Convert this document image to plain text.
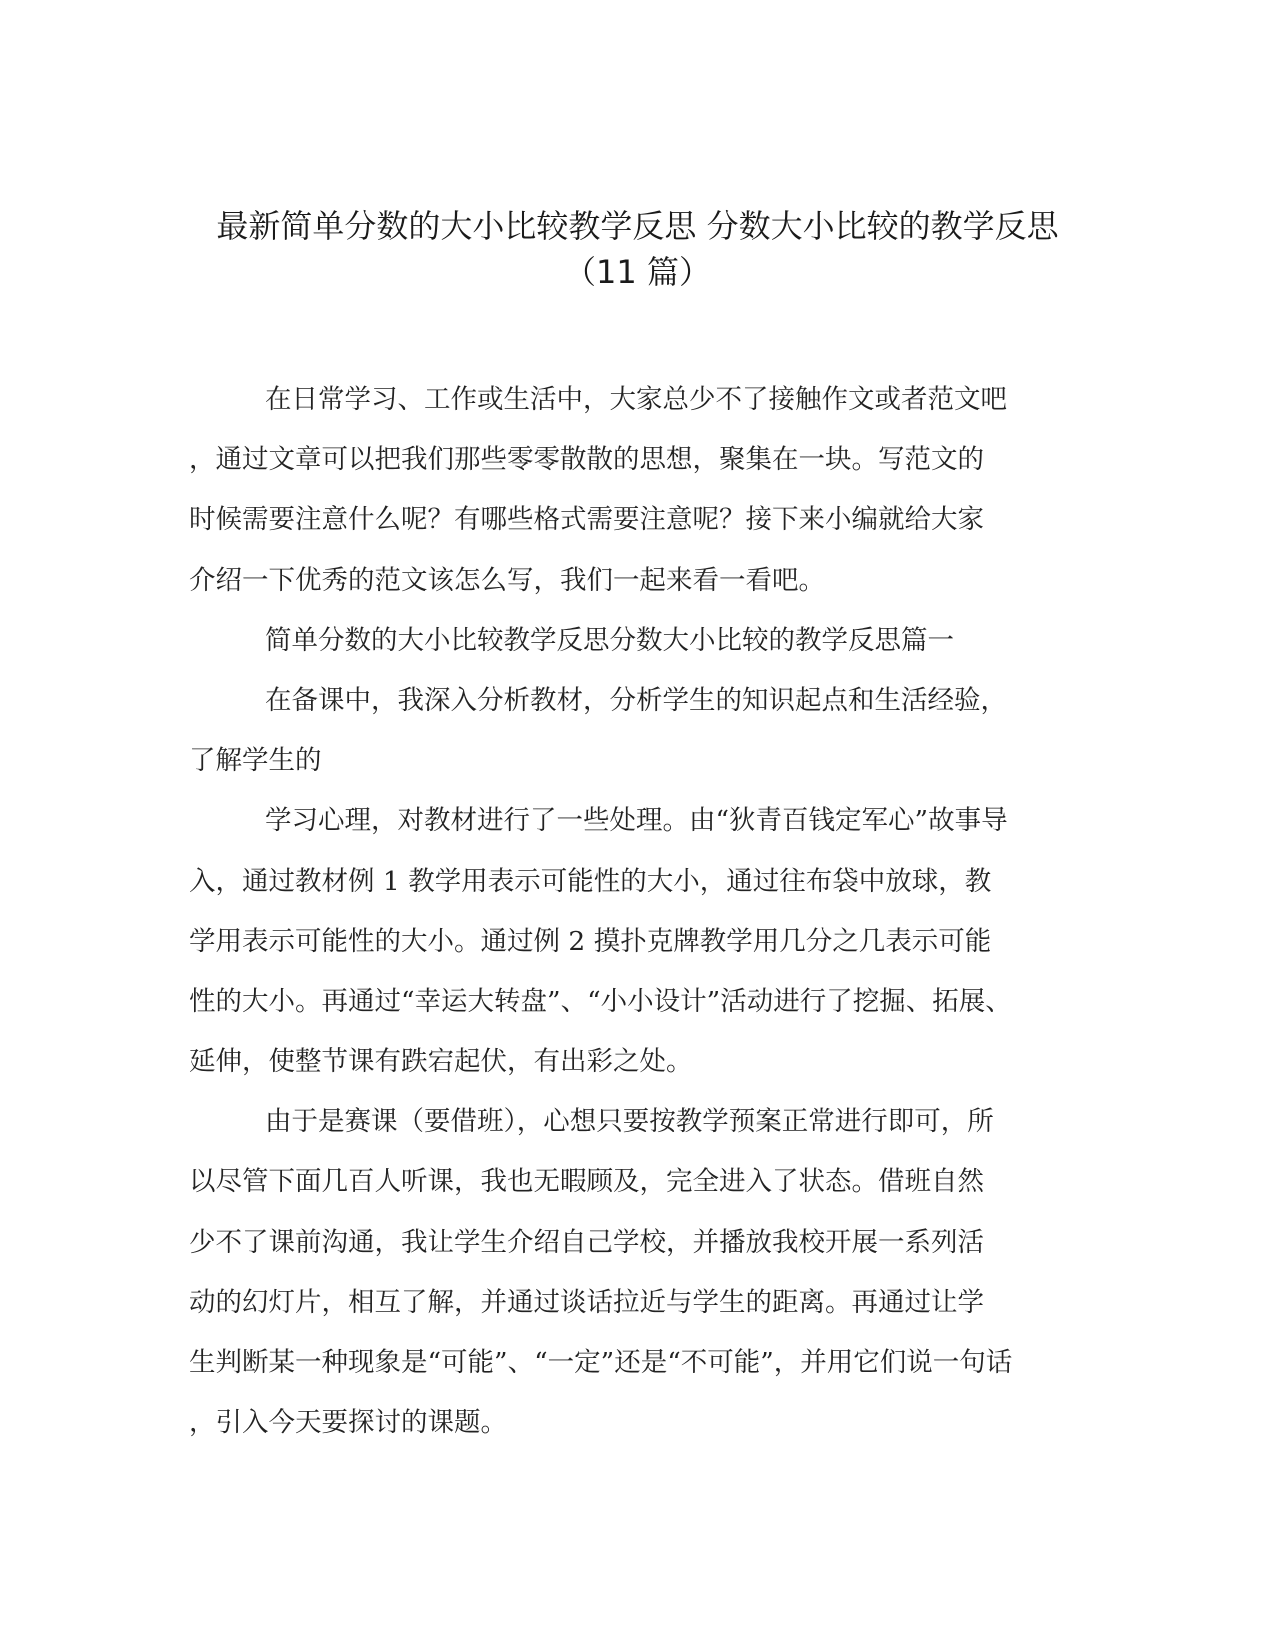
最新简单分数的大小比较教学反思 分数大小比较的教学反思
（11 篇）
在日常学习、工作或生活中，大家总少不了接触作文或者范文吧
，通过文章可以把我们那些零零散散的思想，聚集在一块。写范文的
时候需要注意什么呢？有哪些格式需要注意呢？接下来小编就给大家
介绍一下优秀的范文该怎么写，我们一起来看一看吧。
简单分数的大小比较教学反思分数大小比较的教学反思篇一
在备课中，我深入分析教材，分析学生的知识起点和生活经验，
了解学生的
学习心理，对教材进行了一些处理。由“狄青百钱定军心”故事导
入，通过教材例 1 教学用表示可能性的大小，通过往布袋中放球，教
学用表示可能性的大小。通过例 2 摸扑克牌教学用几分之几表示可能
性的大小。再通过“幸运大转盘”、“小小设计”活动进行了挖掘、拓展、
延伸，使整节课有跌宕起伏，有出彩之处。
由于是赛课（要借班），心想只要按教学预案正常进行即可，所
以尽管下面几百人听课，我也无暇顾及，完全进入了状态。借班自然
少不了课前沟通，我让学生介绍自己学校，并播放我校开展一系列活
动的幻灯片，相互了解，并通过谈话拉近与学生的距离。再通过让学
生判断某一种现象是“可能”、“一定”还是“不可能”，并用它们说一句话
，引入今天要探讨的课题。
